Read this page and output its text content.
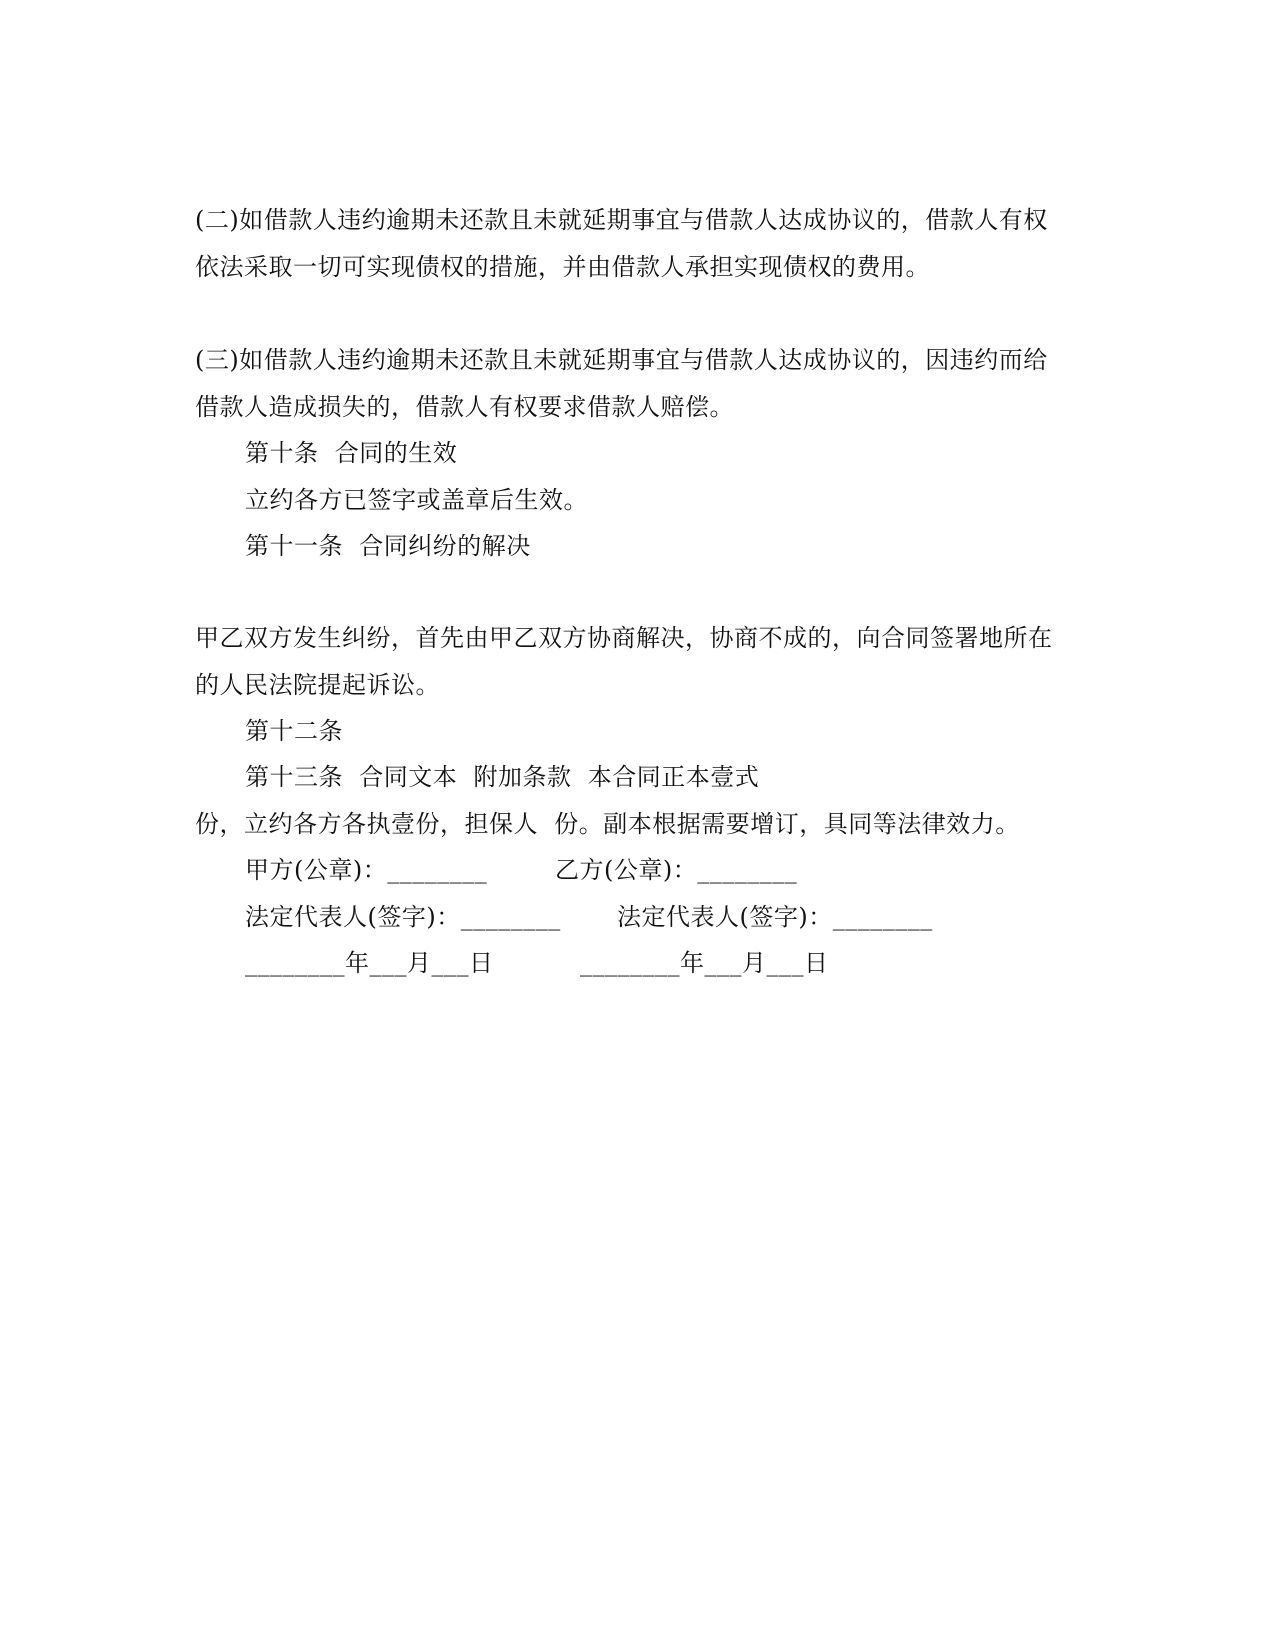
(二)如借款人违约逾期未还款且未就延期事宜与借款人达成协议的，借款人有权
依法采取一切可实现债权的措施，并由借款人承担实现债权的费用。
(三)如借款人违约逾期未还款且未就延期事宜与借款人达成协议的，因违约而给
借款人造成损失的，借款人有权要求借款人赔偿。
第十条  合同的生效
立约各方已签字或盖章后生效。
第十一条  合同纠纷的解决
甲乙双方发生纠纷，首先由甲乙双方协商解决，协商不成的，向合同签署地所在
的人民法院提起诉讼。
第十二条
第十三条  合同文本  附加条款  本合同正本壹式
份，立约各方各执壹份，担保人  份。副本根据需要增订，具同等法律效力。
甲方(公章)：________	乙方(公章)：________
法定代表人(签字)：________ 法定代表人(签字)：________
________年___月___日	________年___月___日
